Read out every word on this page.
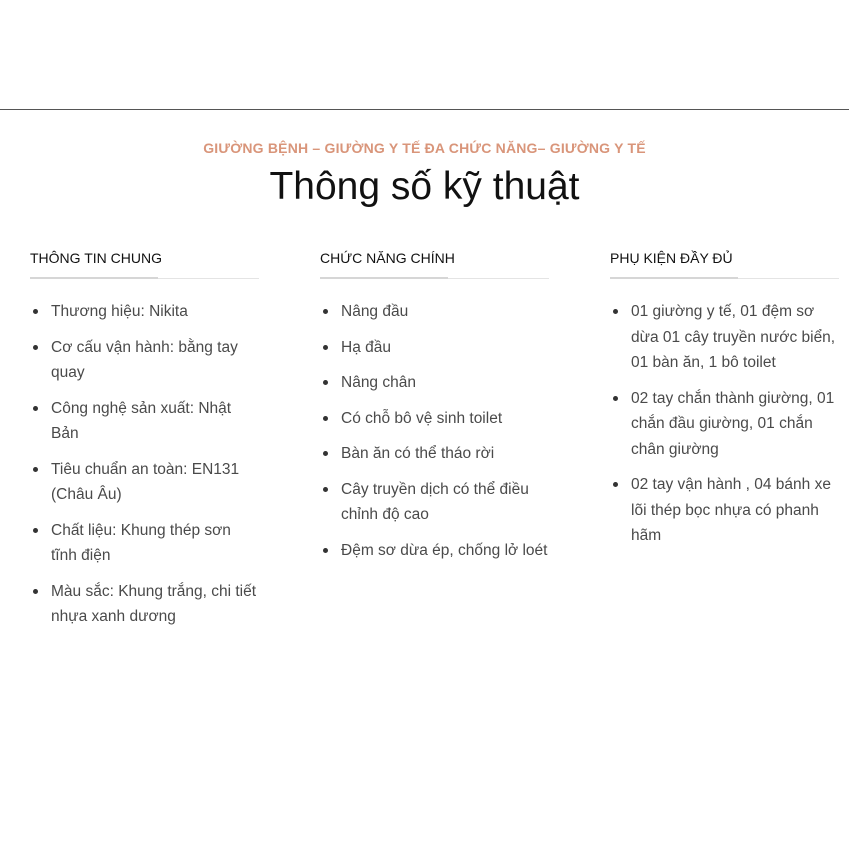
GIƯỜNG BỆNH – GIƯỜNG Y TẾ ĐA CHỨC NĂNG– GIƯỜNG Y TẾ
Thông số kỹ thuật
THÔNG TIN CHUNG
Thương hiệu: Nikita
Cơ cấu vận hành: bằng tay quay
Công nghệ sản xuất: Nhật Bản
Tiêu chuẩn an toàn: EN131 (Châu Âu)
Chất liệu: Khung thép sơn tĩnh điện
Màu sắc: Khung trắng, chi tiết nhựa xanh dương
CHỨC NĂNG CHÍNH
Nâng đầu
Hạ đầu
Nâng chân
Có chỗ bô vệ sinh toilet
Bàn ăn có thể tháo rời
Cây truyền dịch có thể điều chỉnh độ cao
Đệm sơ dừa ép, chống lở loét
PHỤ KIỆN ĐẦY ĐỦ
01 giường y tế, 01 đệm sơ dừa 01 cây truyền nước biển, 01 bàn ăn, 1 bô toilet
02 tay chắn thành giường, 01 chắn đầu giường, 01 chắn chân giường
02 tay vận hành , 04 bánh xe lõi thép bọc nhựa có phanh hãm
